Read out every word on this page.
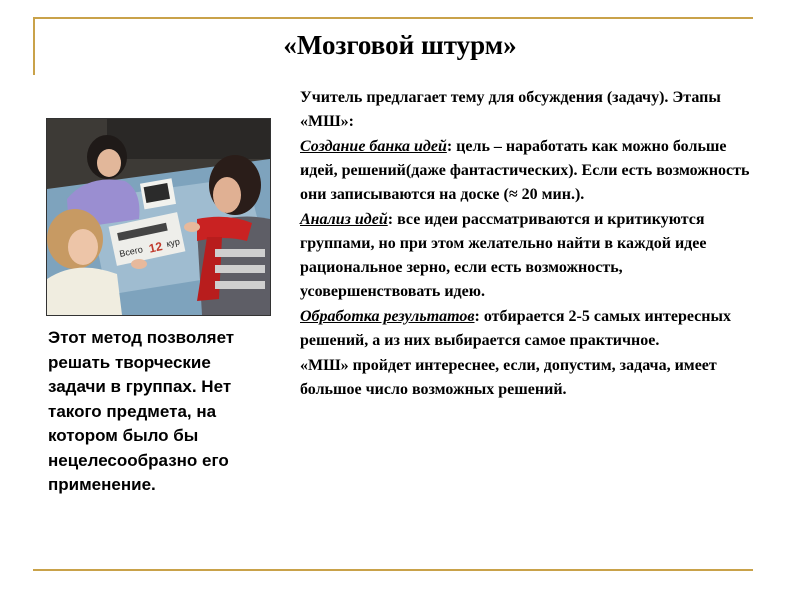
«Мозговой штурм»
Всего 12 кур
Этот метод позволяет решать творческие задачи в группах. Нет такого предмета, на котором было бы нецелесообразно его применение.

Учитель предлагает тему для обсуждения (задачу). Этапы «МШ»:

Создание банка идей: цель – наработать как можно больше идей, решений(даже фантастических). Если есть возможность они записываются на доске (≈ 20 мин.).

Анализ идей: все идеи рассматриваются и критикуются группами, но при этом желательно найти в каждой идее рациональное зерно, если есть возможность, усовершенствовать идею.

Обработка результатов: отбирается 2-5 самых интересных решений, а из них выбирается самое практичное.

«МШ» пройдет интереснее, если, допустим, задача, имеет большое число возможных решений.
